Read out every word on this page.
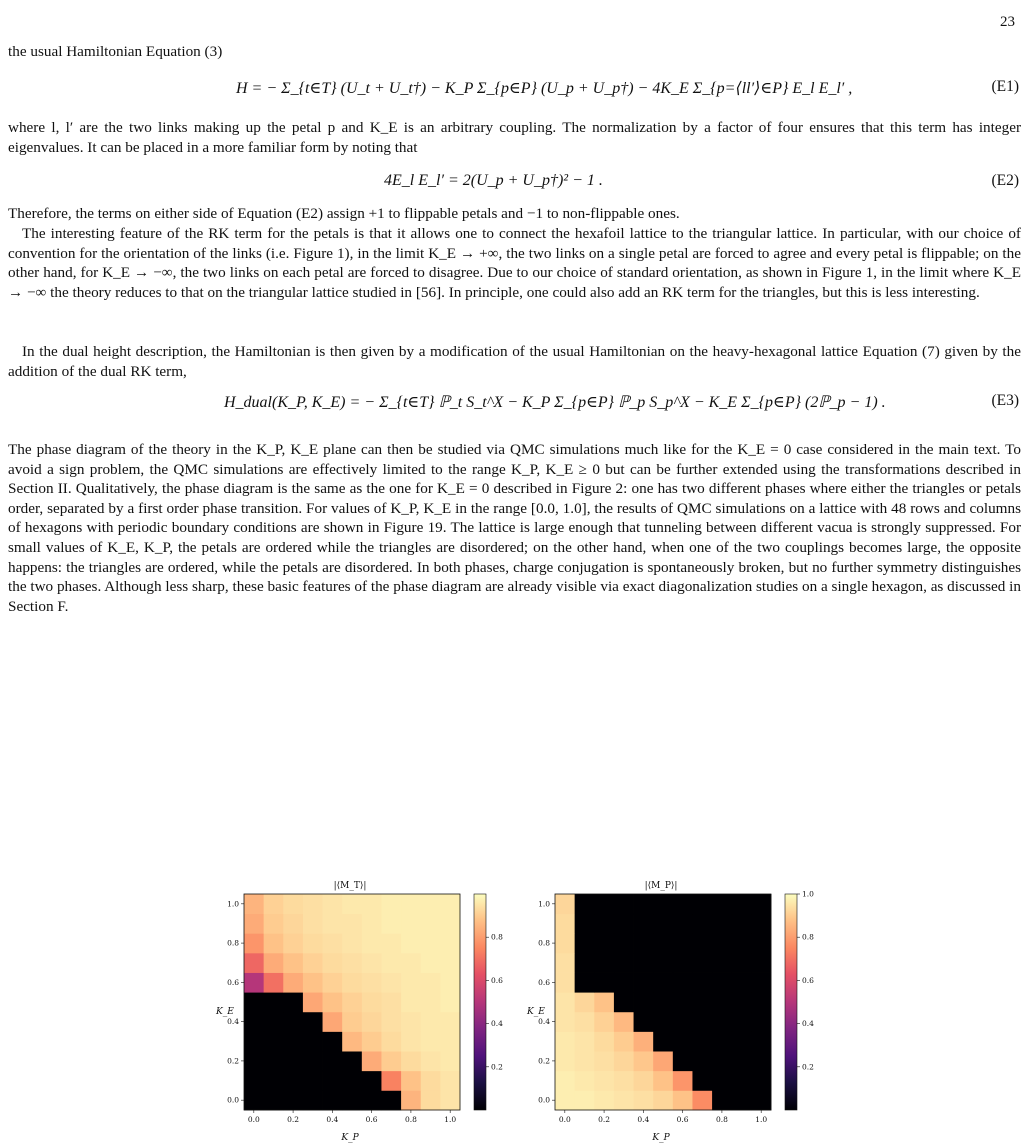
23
the usual Hamiltonian Equation (3)
H = − Σ_{t∈T} (U_t + U_t†) − K_P Σ_{p∈P} (U_p + U_p†) − 4K_E Σ_{p=⟨ll′⟩∈P} E_l E_l′ ,	(E1)
where l, l′ are the two links making up the petal p and K_E is an arbitrary coupling. The normalization by a factor of four ensures that this term has integer eigenvalues. It can be placed in a more familiar form by noting that
4E_l E_l′ = 2(U_p + U_p†)² − 1 .	(E2)
Therefore, the terms on either side of Equation (E2) assign +1 to flippable petals and −1 to non-flippable ones.
The interesting feature of the RK term for the petals is that it allows one to connect the hexafoil lattice to the triangular lattice. In particular, with our choice of convention for the orientation of the links (i.e. Figure 1), in the limit K_E → +∞, the two links on a single petal are forced to agree and every petal is flippable; on the other hand, for K_E → −∞, the two links on each petal are forced to disagree. Due to our choice of standard orientation, as shown in Figure 1, in the limit where K_E → −∞ the theory reduces to that on the triangular lattice studied in [56]. In principle, one could also add an RK term for the triangles, but this is less interesting.
In the dual height description, the Hamiltonian is then given by a modification of the usual Hamiltonian on the heavy-hexagonal lattice Equation (7) given by the addition of the dual RK term,
H_dual(K_P, K_E) = − Σ_{t∈T} ℙ_t S_t^X − K_P Σ_{p∈P} ℙ_p S_p^X − K_E Σ_{p∈P} (2ℙ_p − 1) .	(E3)
The phase diagram of the theory in the K_P, K_E plane can then be studied via QMC simulations much like for the K_E = 0 case considered in the main text. To avoid a sign problem, the QMC simulations are effectively limited to the range K_P, K_E ≥ 0 but can be further extended using the transformations described in Section II. Qualitatively, the phase diagram is the same as the one for K_E = 0 described in Figure 2: one has two different phases where either the triangles or petals order, separated by a first order phase transition. For values of K_P, K_E in the range [0.0, 1.0], the results of QMC simulations on a lattice with 48 rows and columns of hexagons with periodic boundary conditions are shown in Figure 19. The lattice is large enough that tunneling between different vacua is strongly suppressed. For small values of K_E, K_P, the petals are ordered while the triangles are disordered; on the other hand, when one of the two couplings becomes large, the opposite happens: the triangles are ordered, while the petals are disordered. In both phases, charge conjugation is spontaneously broken, but no further symmetry distinguishes the two phases. Although less sharp, these basic features of the phase diagram are already visible via exact diagonalization studies on a single hexagon, as discussed in Section F.
|⟨M_T⟩|
K_E
K_P
0.0
0.0
0.2
0.2
0.4
0.4
0.6
0.6
0.8
0.8
1.0
1.0
0.2
0.4
0.6
0.8
|⟨M_P⟩|
K_E
K_P
0.0
0.0
0.2
0.2
0.4
0.4
0.6
0.6
0.8
0.8
1.0
1.0
0.2
0.4
0.6
0.8
1.0
